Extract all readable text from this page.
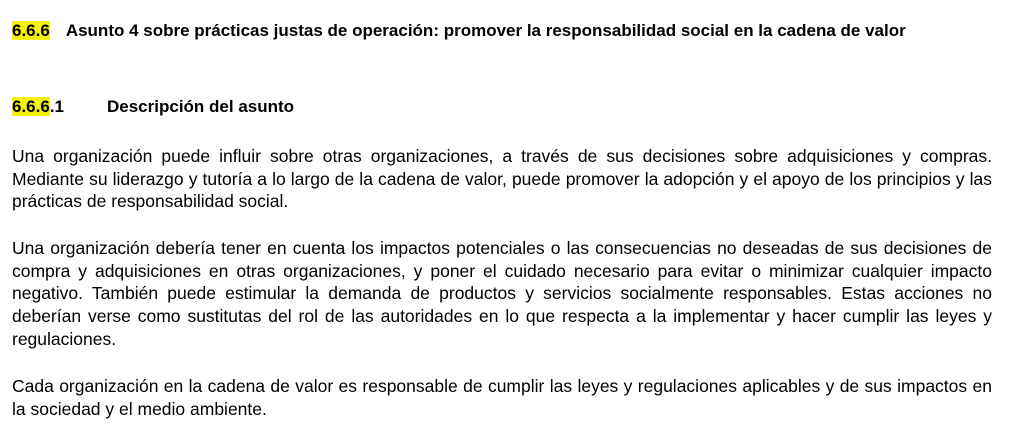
6.6.6 Asunto 4 sobre prácticas justas de operación: promover la responsabilidad social en la cadena de valor
6.6.6.1	Descripción del asunto

Una organización puede influir sobre otras organizaciones, a través de sus decisiones sobre adquisiciones y compras. Mediante su liderazgo y tutoría a lo largo de la cadena de valor, puede promover la adopción y el apoyo de los principios y las prácticas de responsabilidad social.

Una organización debería tener en cuenta los impactos potenciales o las consecuencias no deseadas de sus decisiones de compra y adquisiciones en otras organizaciones, y poner el cuidado necesario para evitar o minimizar cualquier impacto negativo. También puede estimular la demanda de productos y servicios socialmente responsables. Estas acciones no deberían verse como sustitutas del rol de las autoridades en lo que respecta a la implementar y hacer cumplir las leyes y regulaciones.

Cada organización en la cadena de valor es responsable de cumplir las leyes y regulaciones aplicables y de sus impactos en la sociedad y el medio ambiente.
